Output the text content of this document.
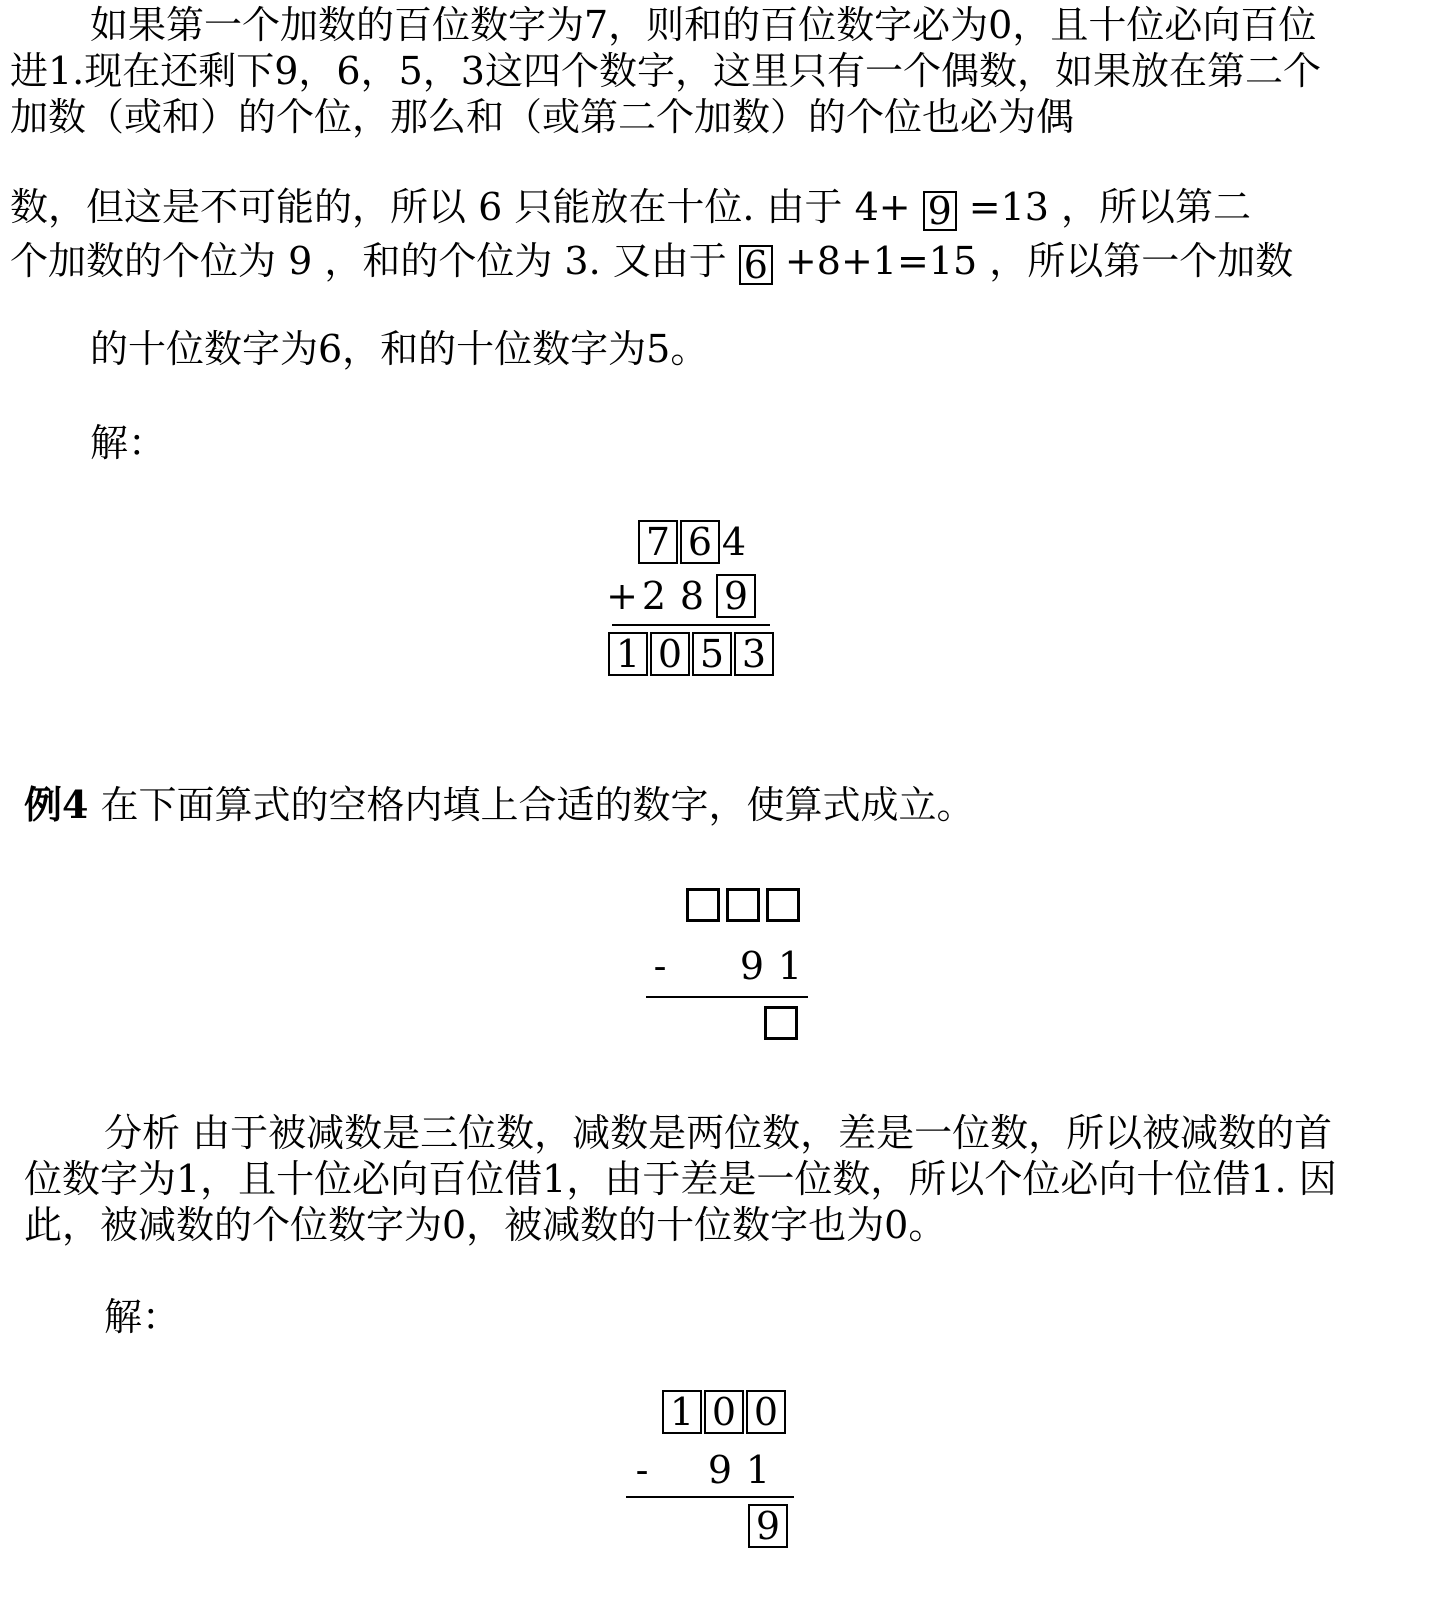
如果第一个加数的百位数字为7，则和的百位数字必为0，且十位必向百位
进1.现在还剩下9，6，5，3这四个数字，这里只有一个偶数，如果放在第二个
加数（或和）的个位，那么和（或第二个加数）的个位也必为偶
数，但这是不可能的，所以 6 只能放在十位. 由于 4+ 9 =13 ，所以第二
个加数的个位为 9 ，和的个位为 3. 又由于 6 +8+1=15 ，所以第一个加数
的十位数字为6，和的十位数字为5。
解：
7 6 4
+ 2 8 9
1 0 5 3
例4 在下面算式的空格内填上合适的数字，使算式成立。
- 9 1
分析 由于被减数是三位数，减数是两位数，差是一位数，所以被减数的首
位数字为1，且十位必向百位借1，由于差是一位数，所以个位必向十位借1. 因
此，被减数的个位数字为0，被减数的十位数字也为0。
解：
1 0 0
- 9 1
9
